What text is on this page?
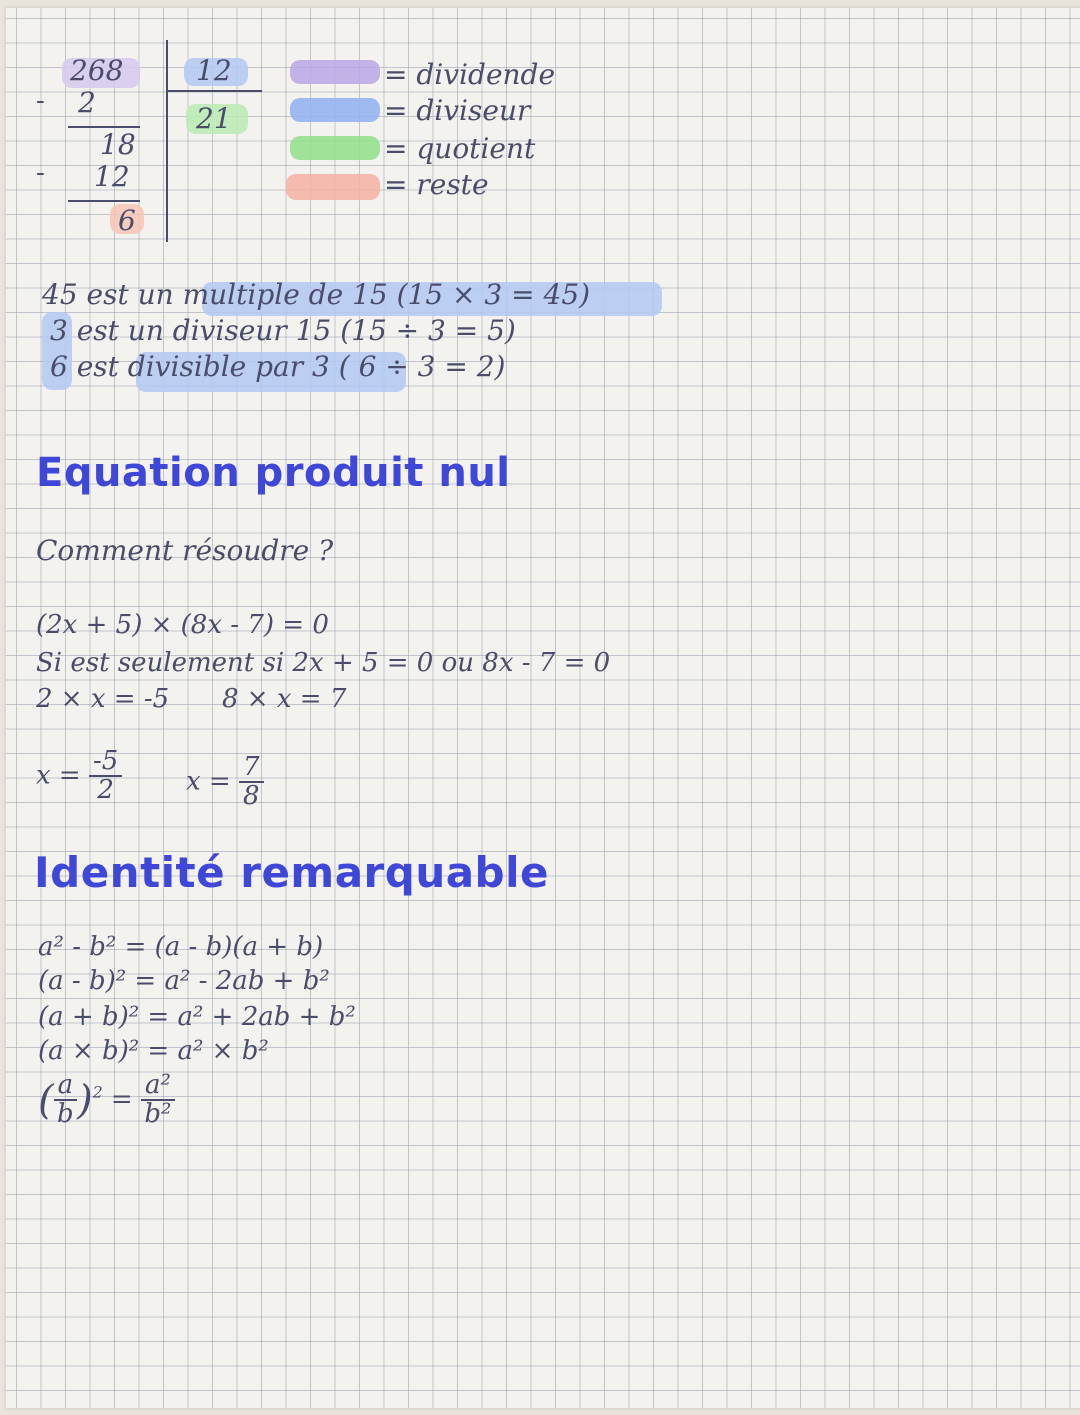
268
- 2
18
- 12
6
12
21
= dividende
= diviseur
= quotient
= reste
45 est un multiple de 15 (15 × 3 = 45)
3 est un diviseur 15 (15 ÷ 3 = 5)
6 est divisible par 3 ( 6 ÷ 3 = 2)
Equation produit nul
Comment résoudre ?
(2x + 5) × (8x - 7) = 0
Si est seulement si 2x + 5 = 0 ou 8x - 7 = 0
2 × x = -5 8 × x = 7
$x = \frac{-5}{2}$ $x = \frac{7}{8}$
Identité remarquable
a² - b² = (a - b)(a + b)
(a - b)² = a² - 2ab + b²
(a + b)² = a² + 2ab + b²
(a × b)² = a² × b²
( $\frac{a}{b} )^2 = \frac{\text{a²}}{\text{b²}}$
